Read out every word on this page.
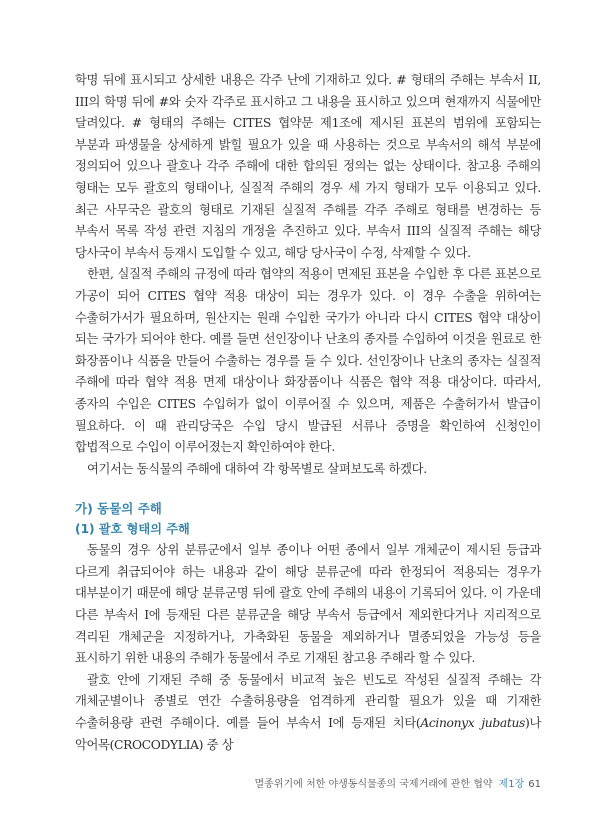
학명 뒤에 표시되고 상세한 내용은 각주 난에 기재하고 있다. # 형태의 주해는 부속서 II, III의 학명 뒤에 #와 숫자 각주로 표시하고 그 내용을 표시하고 있으며 현재까지 식물에만 달려있다. # 형태의 주해는 CITES 협약문 제1조에 제시된 표본의 범위에 포함되는 부분과 파생물을 상세하게 밝힐 필요가 있을 때 사용하는 것으로 부속서의 해석 부분에 정의되어 있으나 괄호나 각주 주해에 대한 합의된 정의는 없는 상태이다. 참고용 주해의 형태는 모두 괄호의 형태이나, 실질적 주해의 경우 세 가지 형태가 모두 이용되고 있다. 최근 사무국은 괄호의 형태로 기재된 실질적 주해를 각주 주해로 형태를 변경하는 등 부속서 목록 작성 관련 지침의 개정을 추진하고 있다. 부속서 III의 실질적 주해는 해당 당사국이 부속서 등재시 도입할 수 있고, 해당 당사국이 수정, 삭제할 수 있다.

한편, 실질적 주해의 규정에 따라 협약의 적용이 면제된 표본을 수입한 후 다른 표본으로 가공이 되어 CITES 협약 적용 대상이 되는 경우가 있다. 이 경우 수출을 위하여는 수출허가서가 필요하며, 원산지는 원래 수입한 국가가 아니라 다시 CITES 협약 대상이 되는 국가가 되어야 한다. 예를 들면 선인장이나 난초의 종자를 수입하여 이것을 원료로 한 화장품이나 식품을 만들어 수출하는 경우를 들 수 있다. 선인장이나 난초의 종자는 실질적 주해에 따라 협약 적용 면제 대상이나 화장품이나 식품은 협약 적용 대상이다. 따라서, 종자의 수입은 CITES 수입허가 없이 이루어질 수 있으며, 제품은 수출허가서 발급이 필요하다. 이 때 관리당국은 수입 당시 발급된 서류나 증명을 확인하여 신청인이 합법적으로 수입이 이루어졌는지 확인하여야 한다.

여기서는 동식물의 주해에 대하여 각 항목별로 살펴보도록 하겠다.

가) 동물의 주해
(1) 괄호 형태의 주해

동물의 경우 상위 분류군에서 일부 종이나 어떤 종에서 일부 개체군이 제시된 등급과 다르게 취급되어야 하는 내용과 같이 해당 분류군에 따라 한정되어 적용되는 경우가 대부분이기 때문에 해당 분류군명 뒤에 괄호 안에 주해의 내용이 기록되어 있다. 이 가운데 다른 부속서 I에 등재된 다른 분류군을 해당 부속서 등급에서 제외한다거나 지리적으로 격리된 개체군을 지정하거나, 가축화된 동물을 제외하거나 멸종되었을 가능성 등을 표시하기 위한 내용의 주해가 동물에서 주로 기재된 참고용 주해라 할 수 있다.

괄호 안에 기재된 주해 중 동물에서 비교적 높은 빈도로 작성된 실질적 주해는 각 개체군별이나 종별로 연간 수출허용량을 엄격하게 관리할 필요가 있을 때 기재한 수출허용량 관련 주해이다. 예를 들어 부속서 I에 등재된 치타(Acinonyx jubatus)나 악어목(CROCODYLIA) 중 상

멸종위기에 처한 야생동식물종의 국제거래에 관한 협약 제1장 61
